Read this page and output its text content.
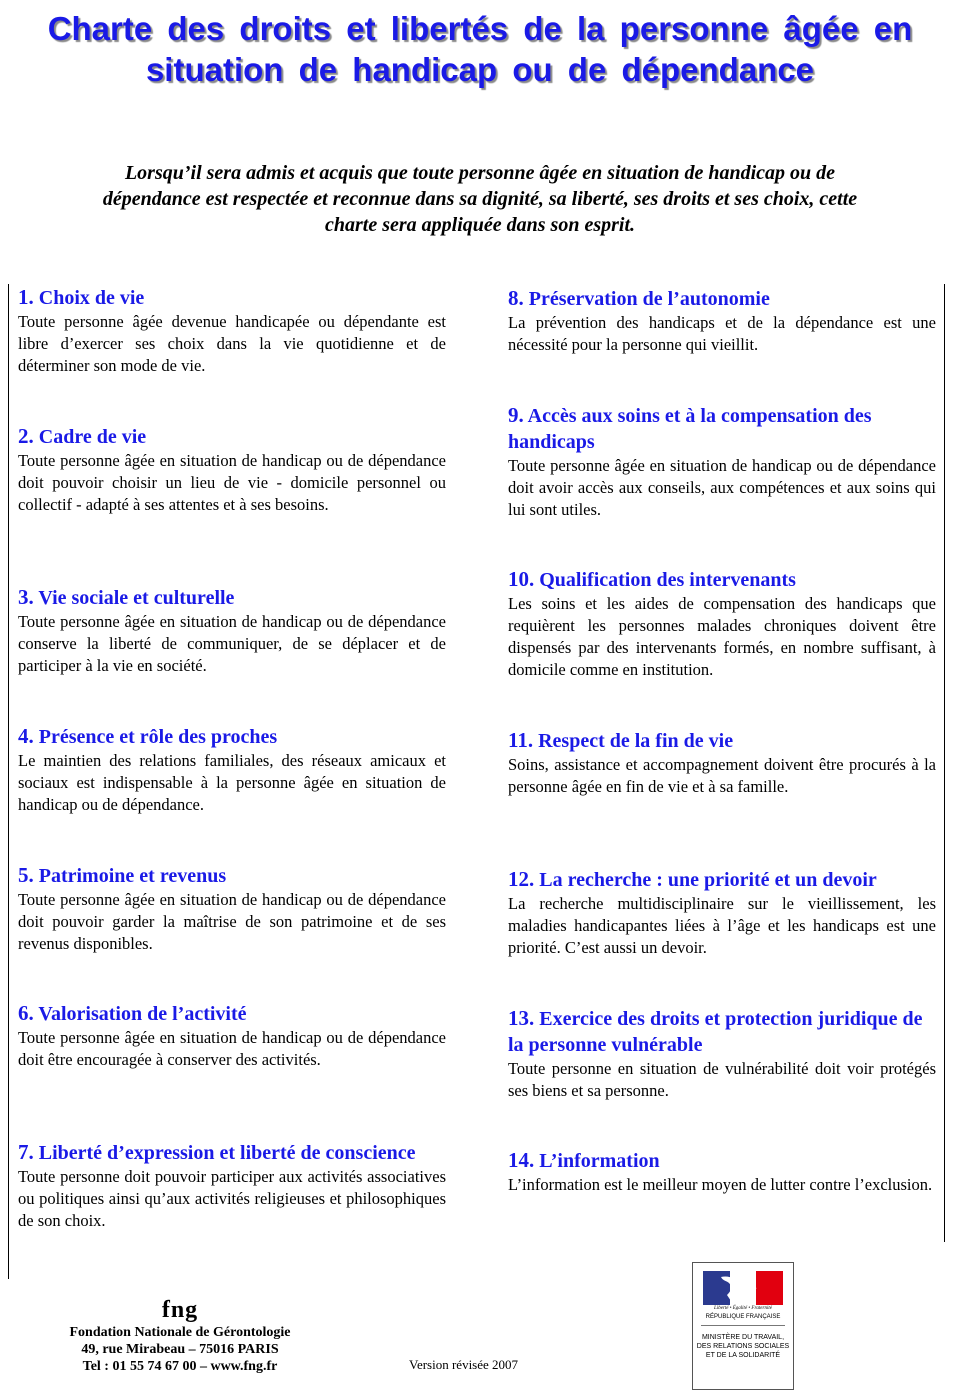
Charte des droits et libertés de la personne âgée en situation de handicap ou de dépendance

Lorsqu’il sera admis et acquis que toute personne âgée en situation de handicap ou de dépendance est respectée et reconnue dans sa dignité, sa liberté, ses droits et ses choix, cette charte sera appliquée dans son esprit.

1. Choix de vie

Toute personne âgée devenue handicapée ou dépendante est libre d’exercer ses choix dans la vie quotidienne et de déterminer son mode de vie.

2. Cadre de vie

Toute personne âgée en situation de handicap ou de dépendance doit pouvoir choisir un lieu de vie - domicile personnel ou collectif - adapté à ses attentes et à ses besoins.

3. Vie sociale et culturelle

Toute personne âgée en situation de handicap ou de dépendance conserve la liberté de communiquer, de se déplacer et de participer à la vie en société.

4. Présence et rôle des proches

Le maintien des relations familiales, des réseaux amicaux et sociaux est indispensable à la personne âgée en situation de handicap ou de dépendance.

5. Patrimoine et revenus

Toute personne âgée en situation de handicap ou de dépendance doit pouvoir garder la maîtrise de son patrimoine et de ses revenus disponibles.

6. Valorisation de l’activité

Toute personne âgée en situation de handicap ou de dépendance doit être encouragée à conserver des activités.

7. Liberté d’expression et liberté de conscience

Toute personne doit pouvoir participer aux activités associatives ou politiques ainsi qu’aux activités religieuses et philosophiques de son choix.

8. Préservation de l’autonomie

La prévention des handicaps et de la dépendance est une nécessité pour la personne qui vieillit.

9. Accès aux soins et à la compensation des handicaps

Toute personne âgée en situation de handicap ou de dépendance doit avoir accès aux conseils, aux compétences et aux soins qui lui sont utiles.

10. Qualification des intervenants

Les soins et les aides de compensation des handicaps que requièrent les personnes malades chroniques doivent être dispensés par des intervenants formés, en nombre suffisant, à domicile comme en institution.

11. Respect de la fin de vie

Soins, assistance et accompagnement doivent être procurés à la personne âgée en fin de vie et à sa famille.

12. La recherche : une priorité et un devoir

La recherche multidisciplinaire sur le vieillissement, les maladies handicapantes liées à l’âge et les handicaps est une priorité. C’est aussi un devoir.

13. Exercice des droits et protection juridique de la personne vulnérable

Toute personne en situation de vulnérabilité doit voir protégés ses biens et sa personne.

14. L’information

L’information est le meilleur moyen de lutter contre l’exclusion.

fng
Fondation Nationale de Gérontologie
49, rue Mirabeau – 75016 PARIS
Tel : 01 55 74 67 00 – www.fng.fr	Version révisée 2007
Liberté • Égalité • Fraternité
RÉPUBLIQUE FRANÇAISE
MINISTÈRE DU TRAVAIL, DES RELATIONS SOCIALES ET DE LA SOLIDARITÉ
